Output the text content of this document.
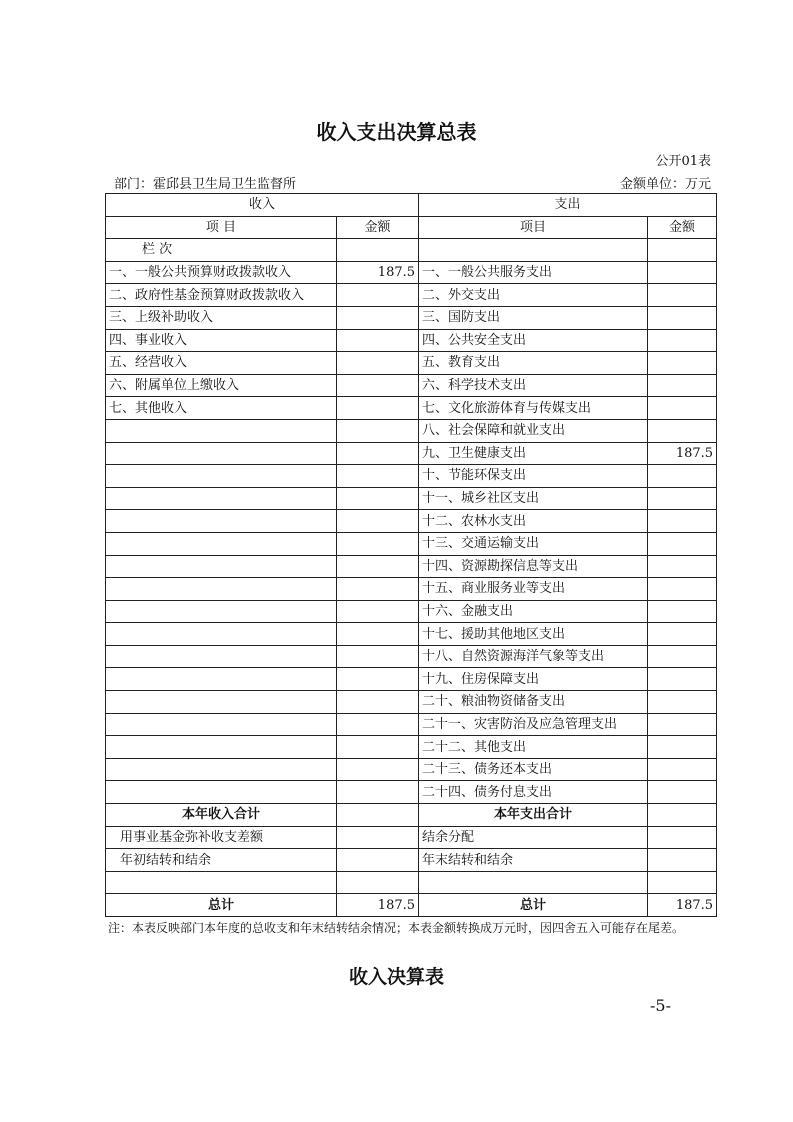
收入支出决算总表
公开01表
部门：霍邱县卫生局卫生监督所	金额单位：万元
收入		支出	
项 目	金额	项目	金额
栏 次			
一、一般公共预算财政拨款收入	187.5	一、一般公共服务支出	
二、政府性基金预算财政拨款收入		二、外交支出	
三、上级补助收入		三、国防支出	
四、事业收入		四、公共安全支出	
五、经营收入		五、教育支出	
六、附属单位上缴收入		六、科学技术支出	
七、其他收入		七、文化旅游体育与传媒支出	
		八、社会保障和就业支出	
		九、卫生健康支出	187.5
		十、节能环保支出	
		十一、城乡社区支出	
		十二、农林水支出	
		十三、交通运输支出	
		十四、资源勘探信息等支出	
		十五、商业服务业等支出	
		十六、金融支出	
		十七、援助其他地区支出	
		十八、自然资源海洋气象等支出	
		十九、住房保障支出	
		二十、粮油物资储备支出	
		二十一、灾害防治及应急管理支出	
		二十二、其他支出	
		二十三、债务还本支出	
		二十四、债务付息支出	
本年收入合计		本年支出合计	
用事业基金弥补收支差额		结余分配	
年初结转和结余		年末结转和结余	

总计	187.5	总计	187.5
注：本表反映部门本年度的总收支和年末结转结余情况；本表金额转换成万元时，因四舍五入可能存在尾差。
收入决算表
-5-
